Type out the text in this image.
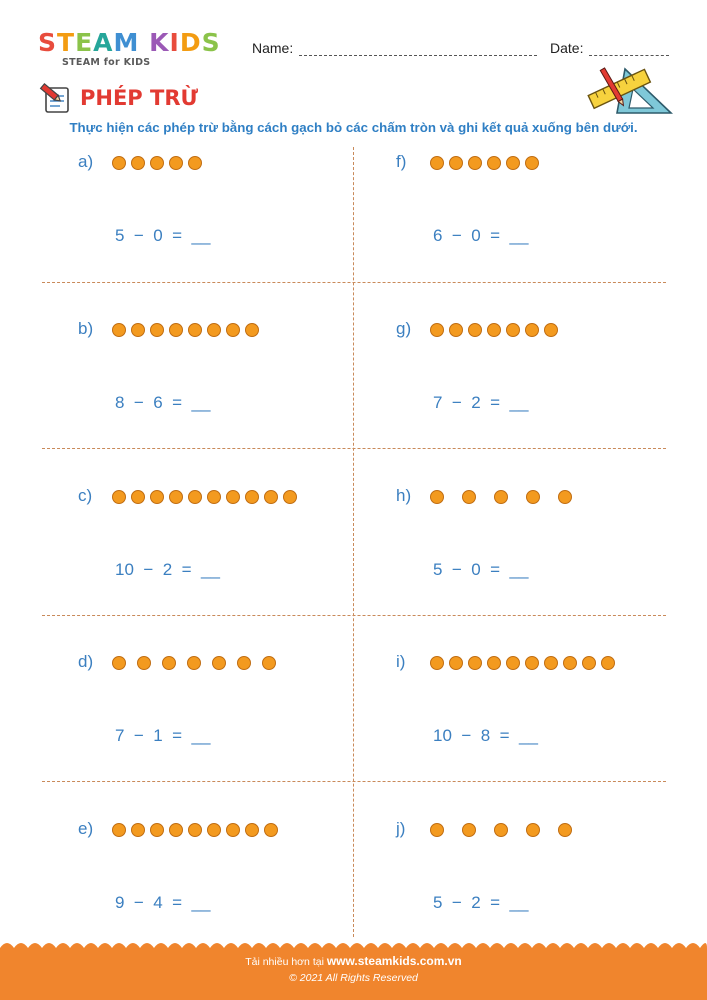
STEAM KIDS
STEAM for KIDS
Name:	Date:
PHÉP TRỪ
Thực hiện các phép trừ bằng cách gạch bỏ các chấm tròn và ghi kết quả xuống bên dưới.
a)
5  −  0  =  __
f)
6  −  0  =  __
b)
8  −  6  =  __
g)
7  −  2  =  __
c)
10  −  2  =  __
h)
5  −  0  =  __
d)
7  −  1  =  __
i)
10  −  8  =  __
e)
9  −  4  =  __
j)
5  −  2  =  __
Tải nhiều hơn tại www.steamkids.com.vn
© 2021 All Rights Reserved
